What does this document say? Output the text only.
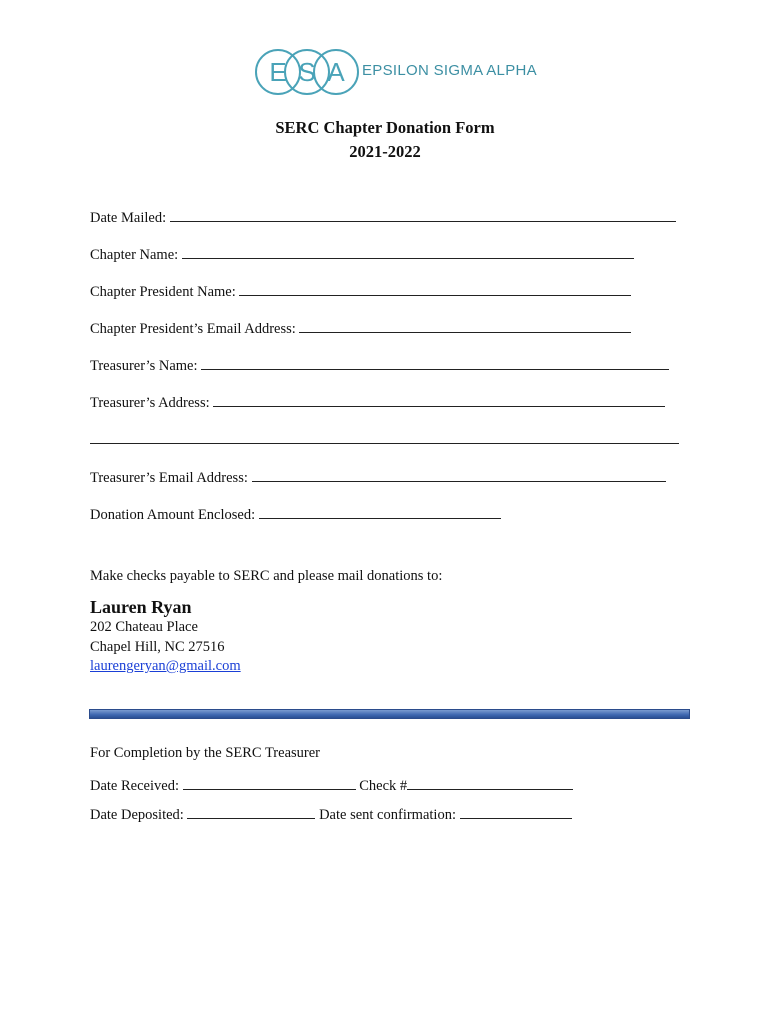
E S A EPSILON SIGMA ALPHA
SERC Chapter Donation Form
2021-2022
Date Mailed:
Chapter Name:
Chapter President Name:
Chapter President’s Email Address:
Treasurer’s Name:
Treasurer’s Address:
Treasurer’s Email Address:
Donation Amount Enclosed:
Make checks payable to SERC and please mail donations to:
Lauren Ryan
202 Chateau Place
Chapel Hill, NC 27516
laurengeryan@gmail.com
For Completion by the SERC Treasurer
Date Received:	Check #
Date Deposited:	Date sent confirmation:
